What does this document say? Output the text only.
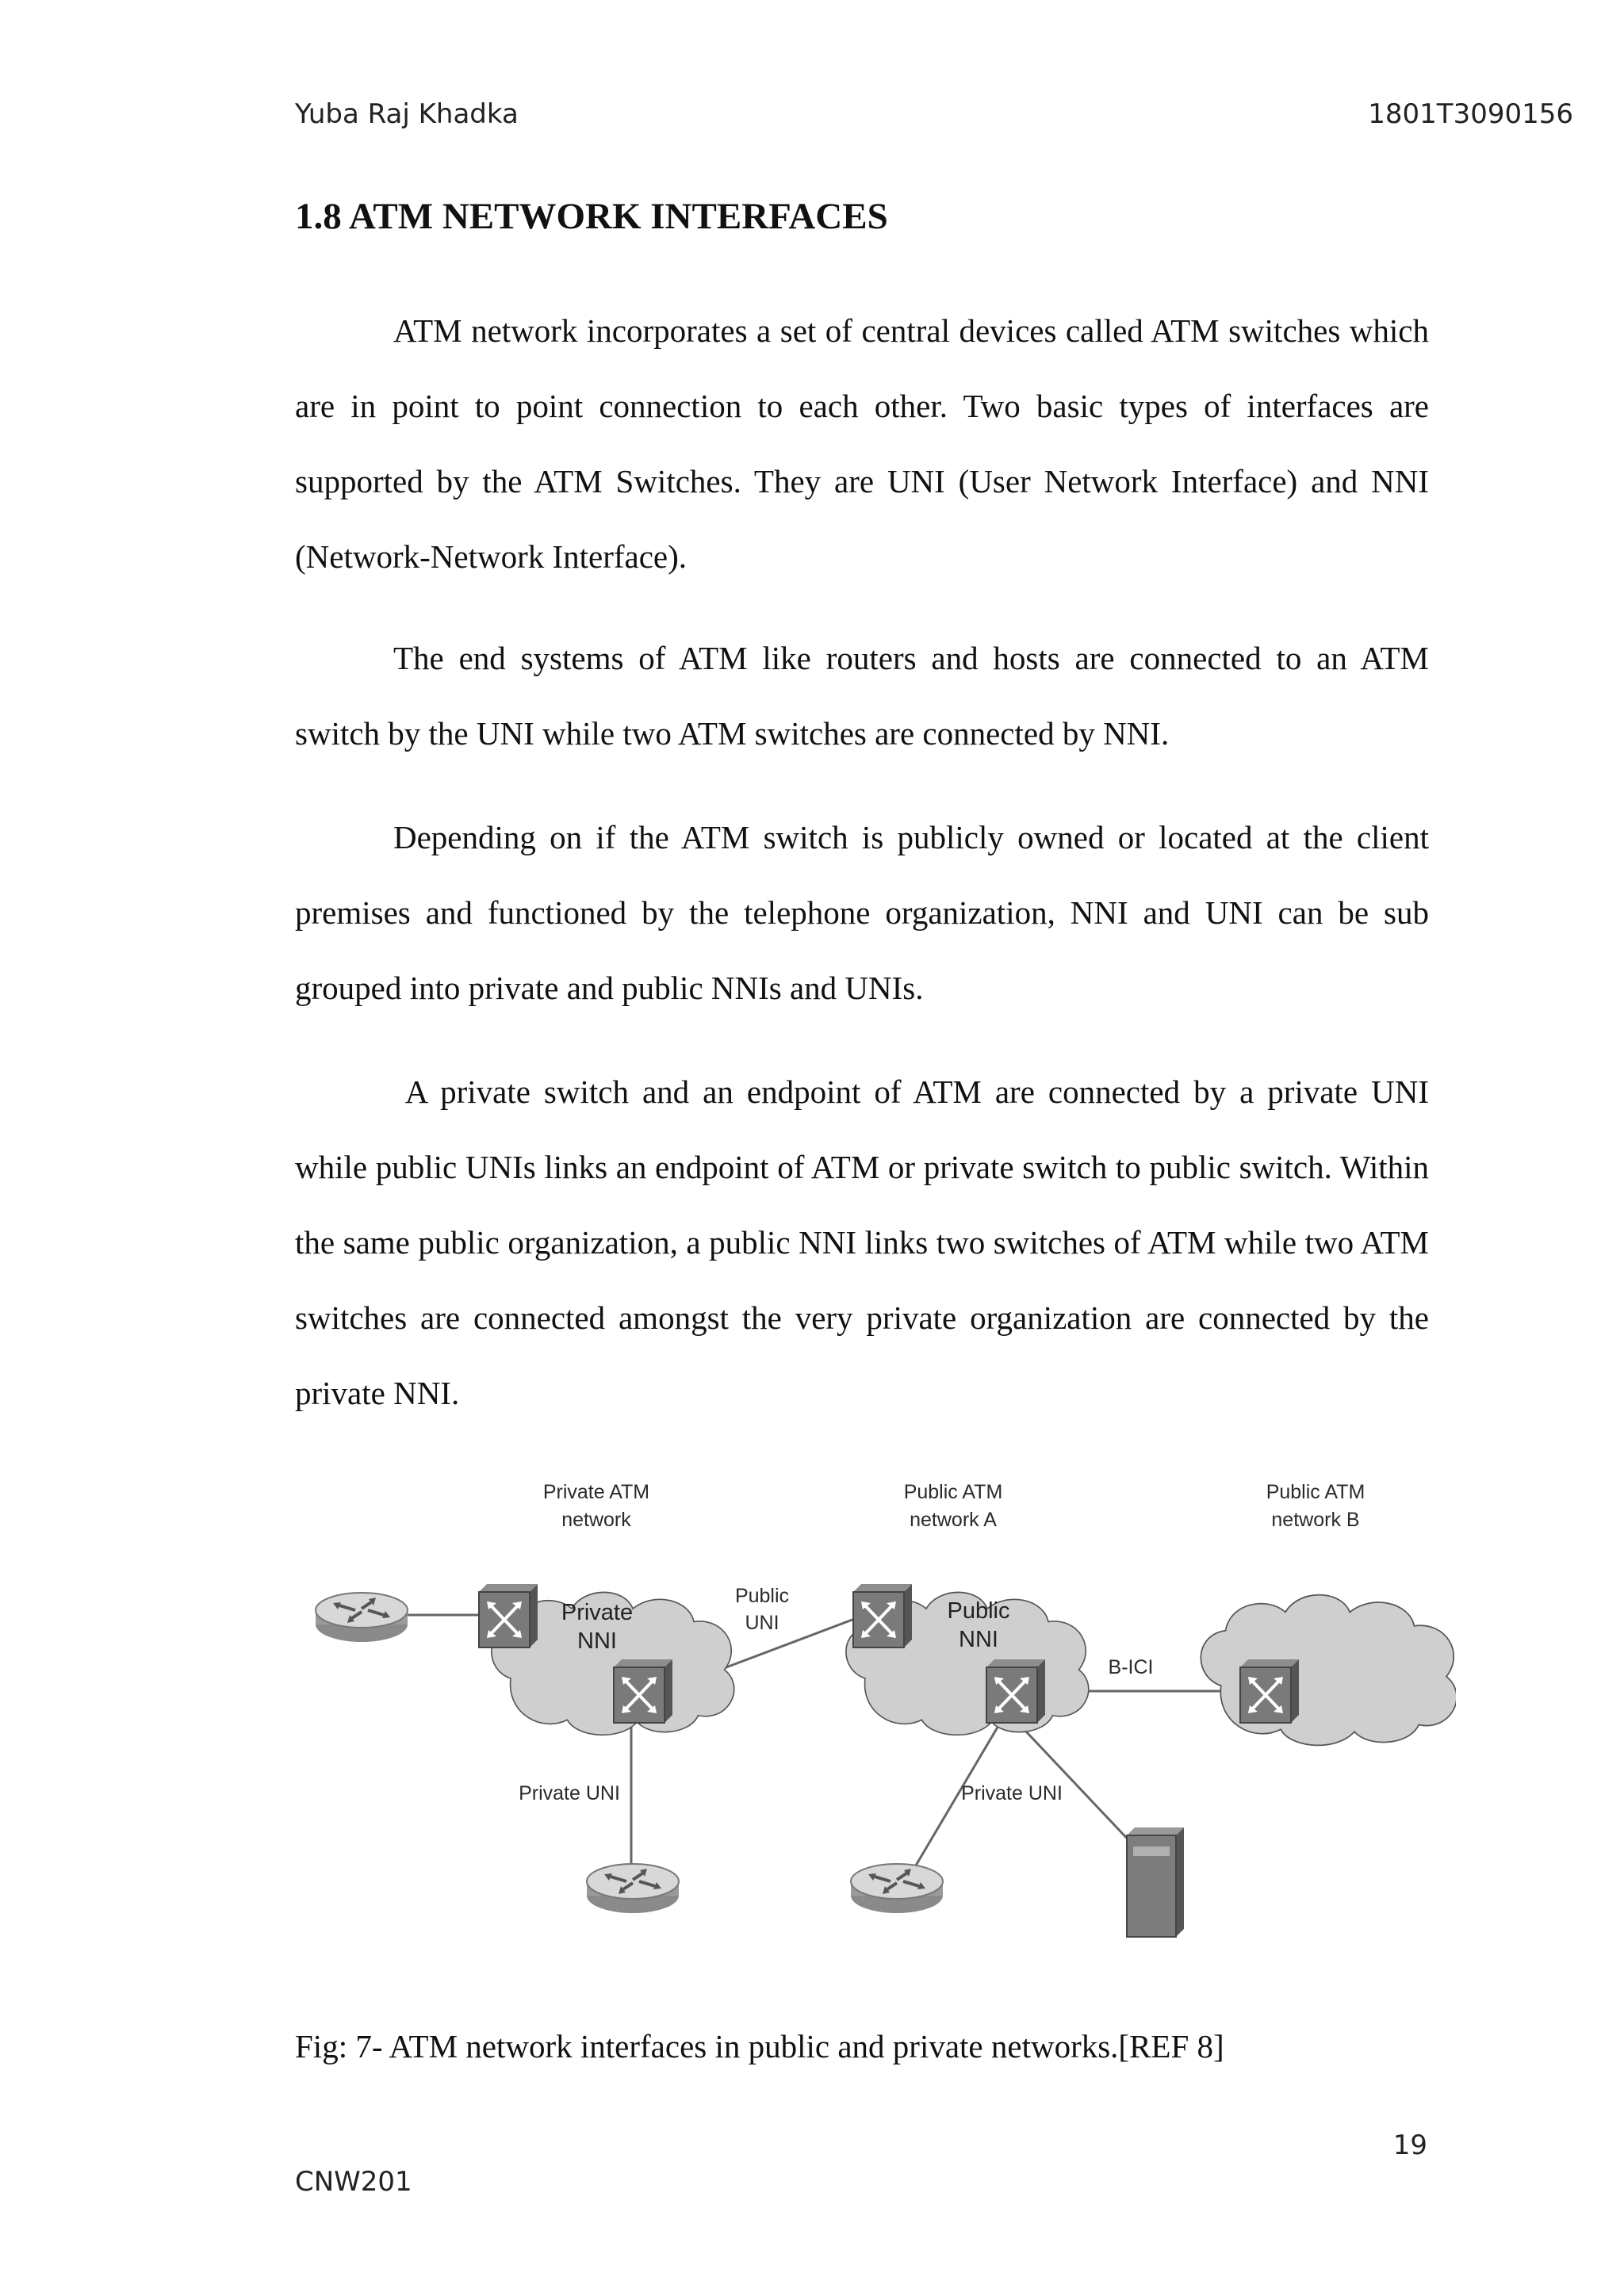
Yuba Raj Khadka	1801T3090156
1.8 ATM NETWORK INTERFACES

ATM network incorporates a set of central devices called ATM switches which are in point to point connection to each other. Two basic types of interfaces are supported by the ATM Switches. They are UNI (User Network Interface) and NNI (Network-Network Interface).

The end systems of ATM like routers and hosts are connected to an ATM switch by the UNI while two ATM switches are connected by NNI.

Depending on if the ATM switch is publicly owned or located at the client premises and functioned by the telephone organization, NNI and UNI can be sub grouped into private and public NNIs and UNIs.

A private switch and an endpoint of ATM are connected by a private UNI while public UNIs links an endpoint of ATM or private switch to public switch. Within the same public organization, a public NNI links two switches of ATM while two ATM switches are connected amongst the very private organization are connected by the private NNI.

Private ATM
network
Public ATM
network A
Public ATM
network B
Private
NNI
Public
UNI	Public
NNI
B-ICI
Private UNI	Private UNI

Fig: 7- ATM network interfaces in public and private networks.[REF 8]

19
CNW201
